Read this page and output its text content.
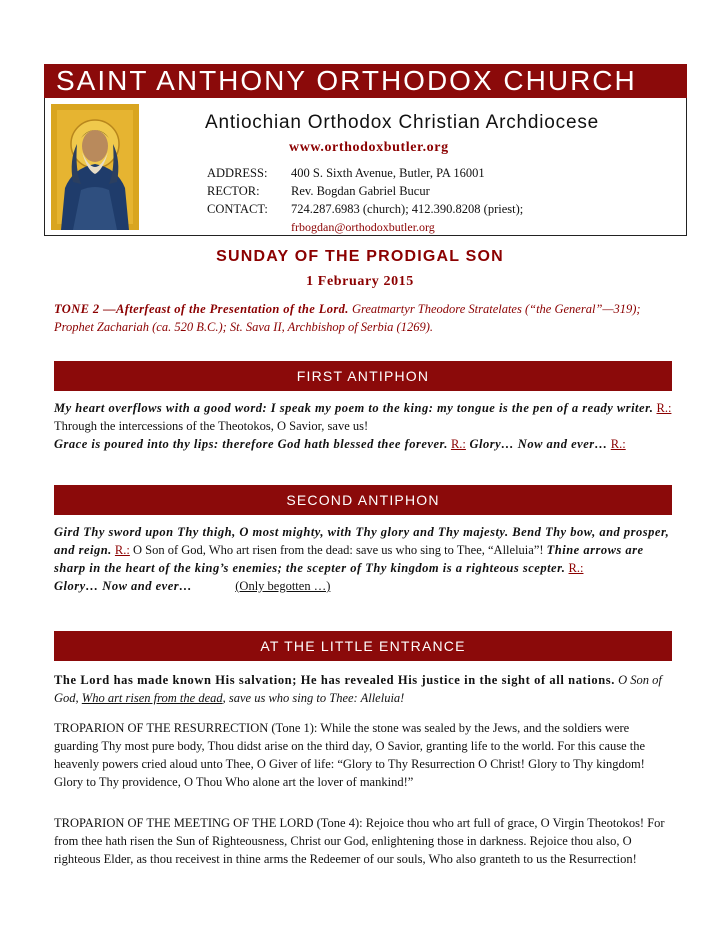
SAINT ANTHONY ORTHODOX CHURCH
Antiochian Orthodox Christian Archdiocese
www.orthodoxbutler.org
ADDRESS: 400 S. Sixth Avenue, Butler, PA 16001
RECTOR:	Rev. Bogdan Gabriel Bucur
CONTACT: 724.287.6983 (church); 412.390.8208 (priest);
frbogdan@orthodoxbutler.org
SUNDAY OF THE PRODIGAL SON
1 February 2015
TONE 2 —Afterfeast of the Presentation of the Lord. Greatmartyr Theodore Stratelates (“the General”—319); Prophet Zachariah (ca. 520 B.C.); St. Sava II, Archbishop of Serbia (1269).
FIRST ANTIPHON
My heart overflows with a good word: I speak my poem to the king: my tongue is the pen of a ready writer. R.: Through the intercessions of the Theotokos, O Savior, save us!
Grace is poured into thy lips: therefore God hath blessed thee forever. R.: Glory… Now and ever… R.:
SECOND ANTIPHON
Gird Thy sword upon Thy thigh, O most mighty, with Thy glory and Thy majesty. Bend Thy bow, and prosper, and reign. R.: O Son of God, Who art risen from the dead: save us who sing to Thee, “Alleluia”! Thine arrows are sharp in the heart of the king’s enemies; the scepter of Thy kingdom is a righteous scepter. R.:
Glory… Now and ever…	(Only begotten …)
AT THE LITTLE ENTRANCE
The Lord has made known His salvation; He has revealed His justice in the sight of all nations. O Son of God, Who art risen from the dead, save us who sing to Thee: Alleluia!
TROPARION OF THE RESURRECTION (Tone 1): While the stone was sealed by the Jews, and the soldiers were guarding Thy most pure body, Thou didst arise on the third day, O Savior, granting life to the world. For this cause the heavenly powers cried aloud unto Thee, O Giver of life: “Glory to Thy Resurrection O Christ! Glory to Thy kingdom! Glory to Thy providence, O Thou Who alone art the lover of mankind!”
TROPARION OF THE MEETING OF THE LORD (Tone 4): Rejoice thou who art full of grace, O Virgin Theotokos! For from thee hath risen the Sun of Righteousness, Christ our God, enlightening those in darkness. Rejoice thou also, O righteous Elder, as thou receivest in thine arms the Redeemer of our souls, Who also granteth to us the Resurrection!
